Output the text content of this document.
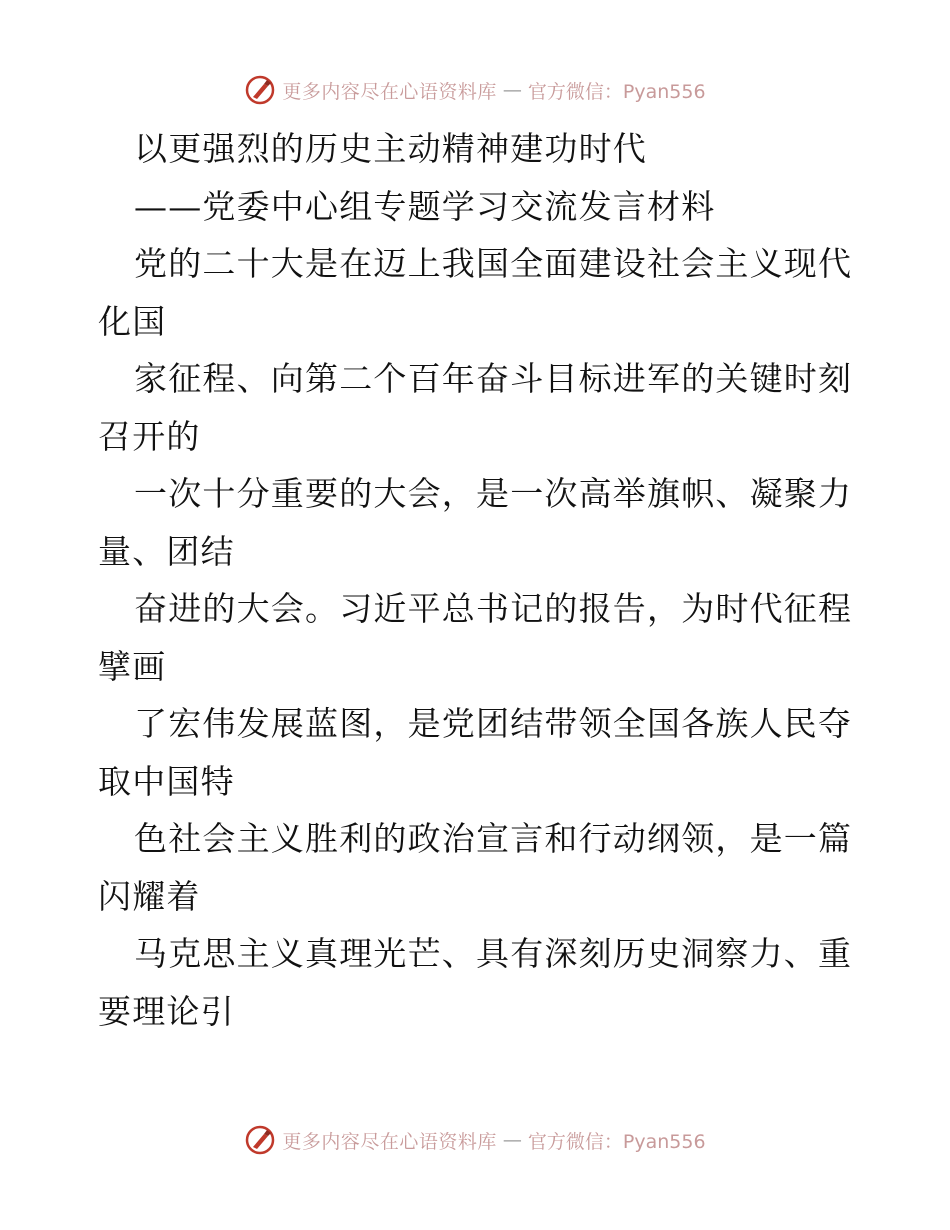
更多内容尽在心语资料库 — 官方微信：Pyan556
以更强烈的历史主动精神建功时代
——党委中心组专题学习交流发言材料
党的二十大是在迈上我国全面建设社会主义现代
化国
家征程、向第二个百年奋斗目标进军的关键时刻
召开的
一次十分重要的大会，是一次高举旗帜、凝聚力
量、团结
奋进的大会。习近平总书记的报告，为时代征程
擘画
了宏伟发展蓝图，是党团结带领全国各族人民夺
取中国特
色社会主义胜利的政治宣言和行动纲领，是一篇
闪耀着
马克思主义真理光芒、具有深刻历史洞察力、重
要理论引
更多内容尽在心语资料库 — 官方微信：Pyan556
